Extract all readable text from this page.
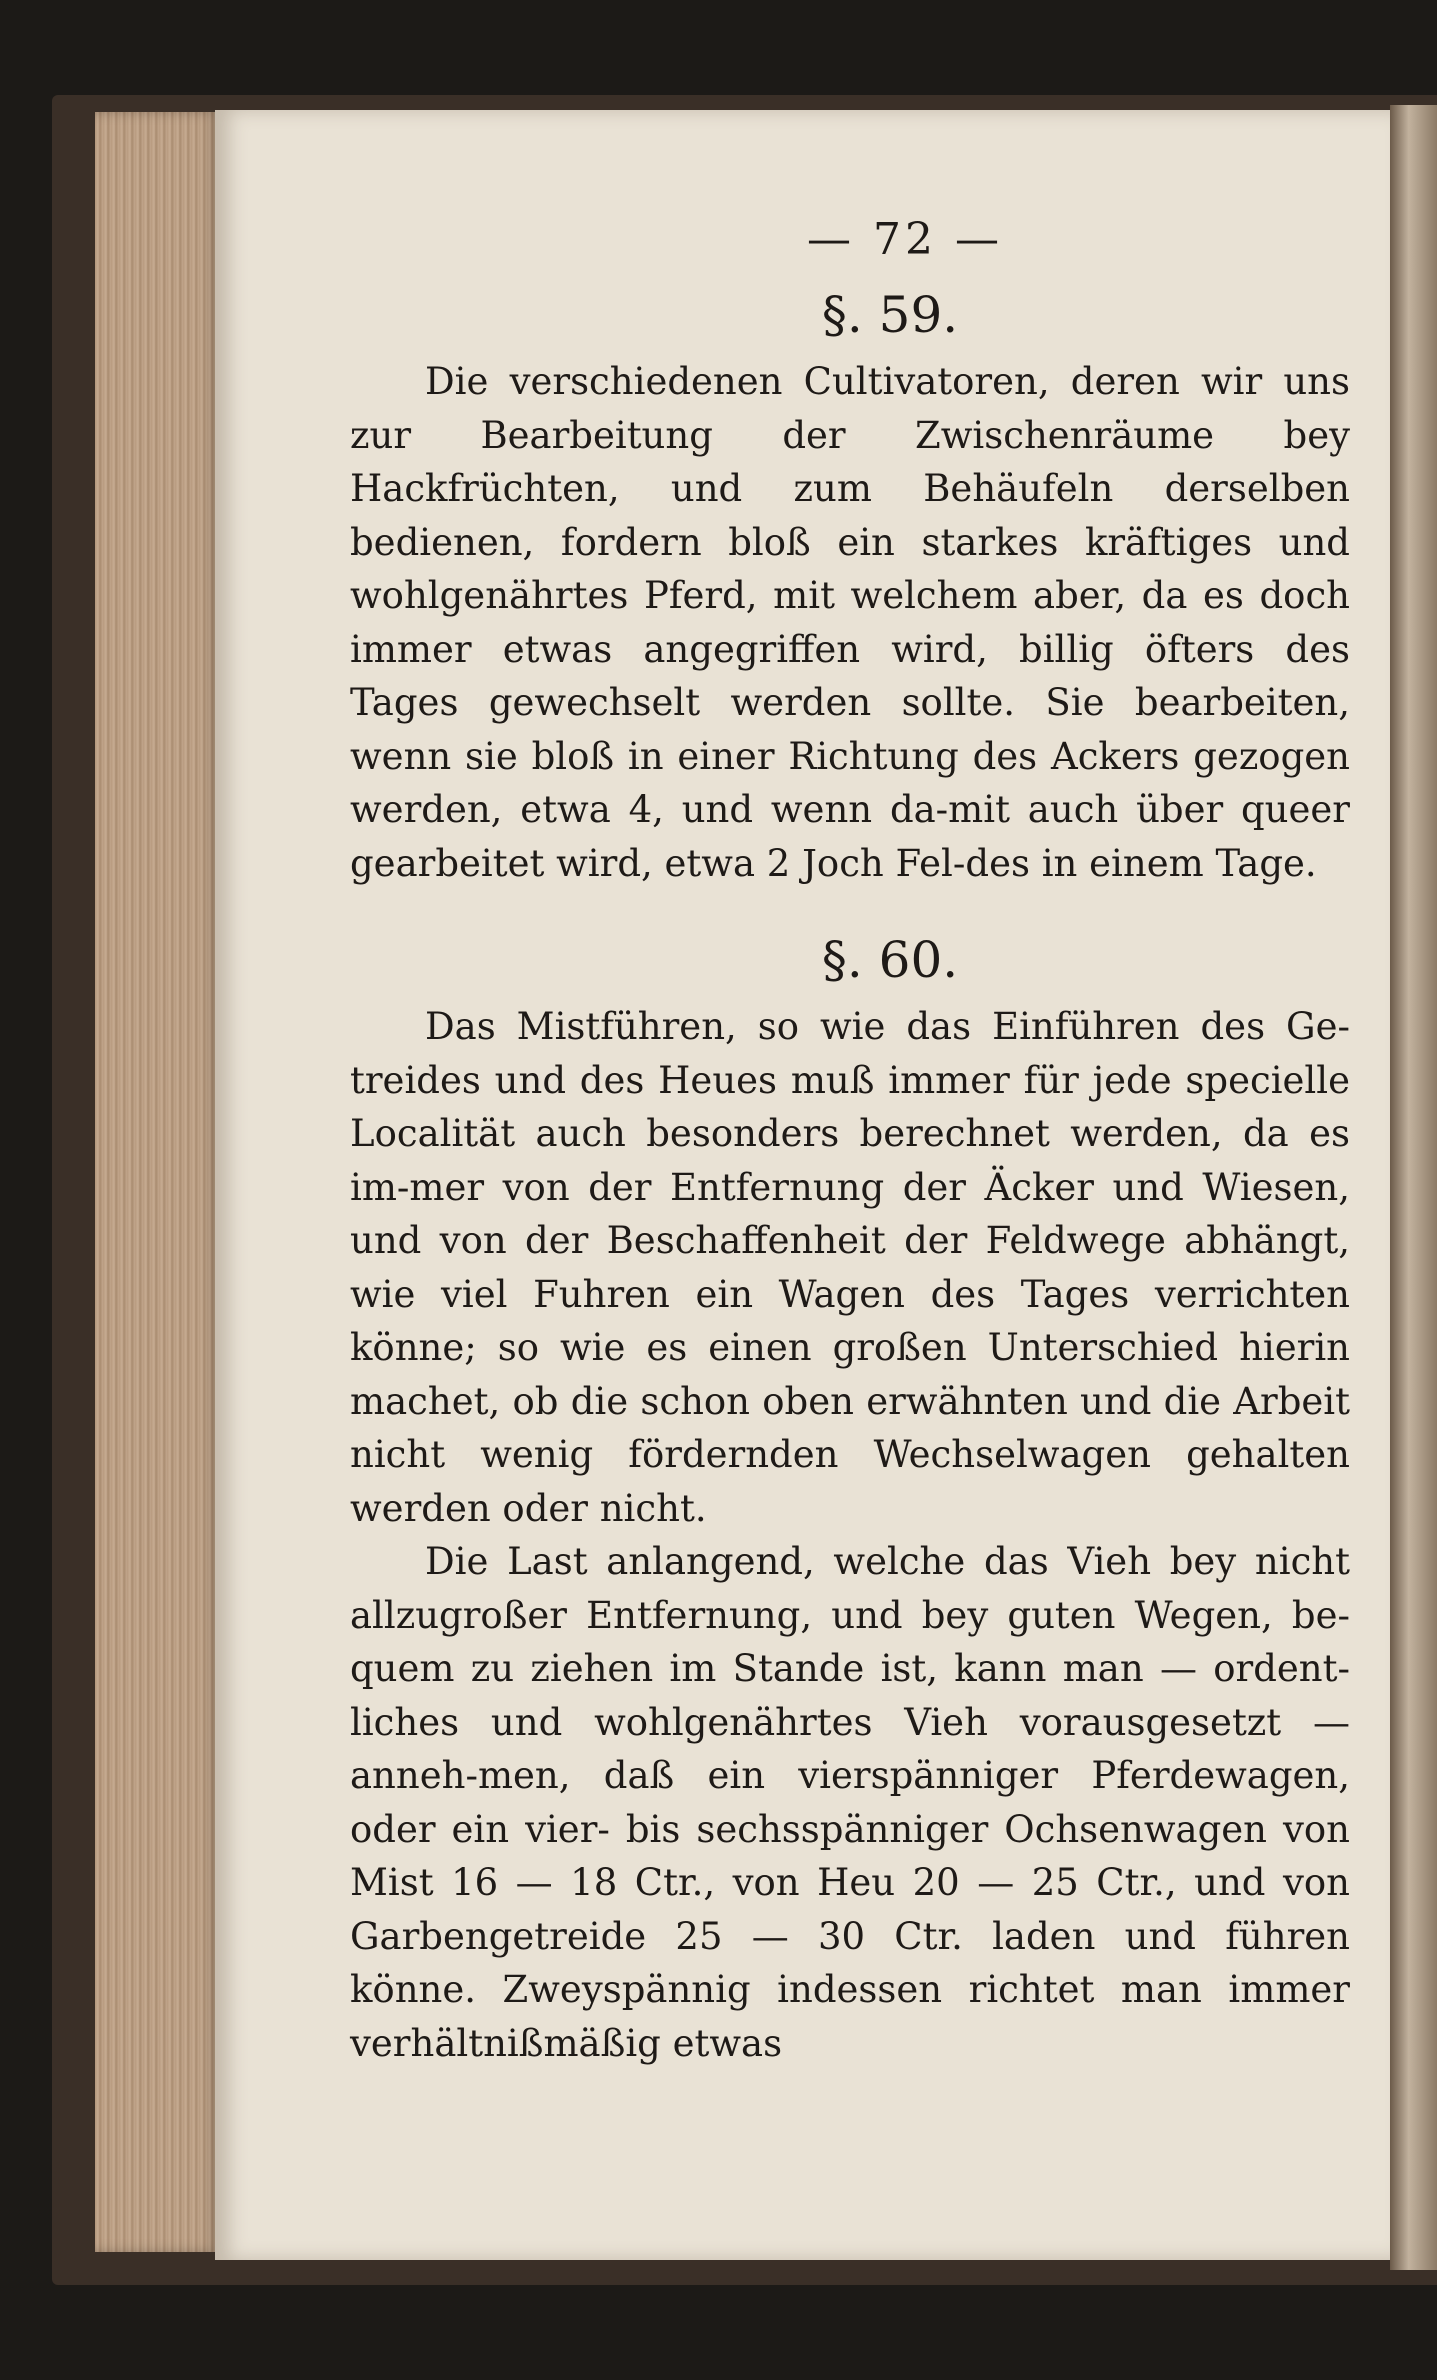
— 72 —
§. 59.

Die verschiedenen Cultivatoren, deren wir uns zur Bearbeitung der Zwischenräume bey Hackfrüchten, und zum Behäufeln derselben bedienen, fordern bloß ein starkes kräftiges und wohlgenährtes Pferd, mit welchem aber, da es doch immer etwas angegriffen wird, billig öfters des Tages gewechselt werden sollte. Sie bearbeiten, wenn sie bloß in einer Richtung des Ackers gezogen werden, etwa 4, und wenn da-mit auch über queer gearbeitet wird, etwa 2 Joch Fel-des in einem Tage.

§. 60.

Das Mistführen, so wie das Einführen des Ge-treides und des Heues muß immer für jede specielle Localität auch besonders berechnet werden, da es im-mer von der Entfernung der Äcker und Wiesen, und von der Beschaffenheit der Feldwege abhängt, wie viel Fuhren ein Wagen des Tages verrichten könne; so wie es einen großen Unterschied hierin machet, ob die schon oben erwähnten und die Arbeit nicht wenig fördernden Wechselwagen gehalten werden oder nicht.

Die Last anlangend, welche das Vieh bey nicht allzugroßer Entfernung, und bey guten Wegen, be-quem zu ziehen im Stande ist, kann man — ordent-liches und wohlgenährtes Vieh vorausgesetzt — anneh-men, daß ein vierspänniger Pferdewagen, oder ein vier- bis sechsspänniger Ochsenwagen von Mist 16 — 18 Ctr., von Heu 20 — 25 Ctr., und von Garbengetreide 25 — 30 Ctr. laden und führen könne. Zweyspännig indessen richtet man immer verhältnißmäßig etwas
